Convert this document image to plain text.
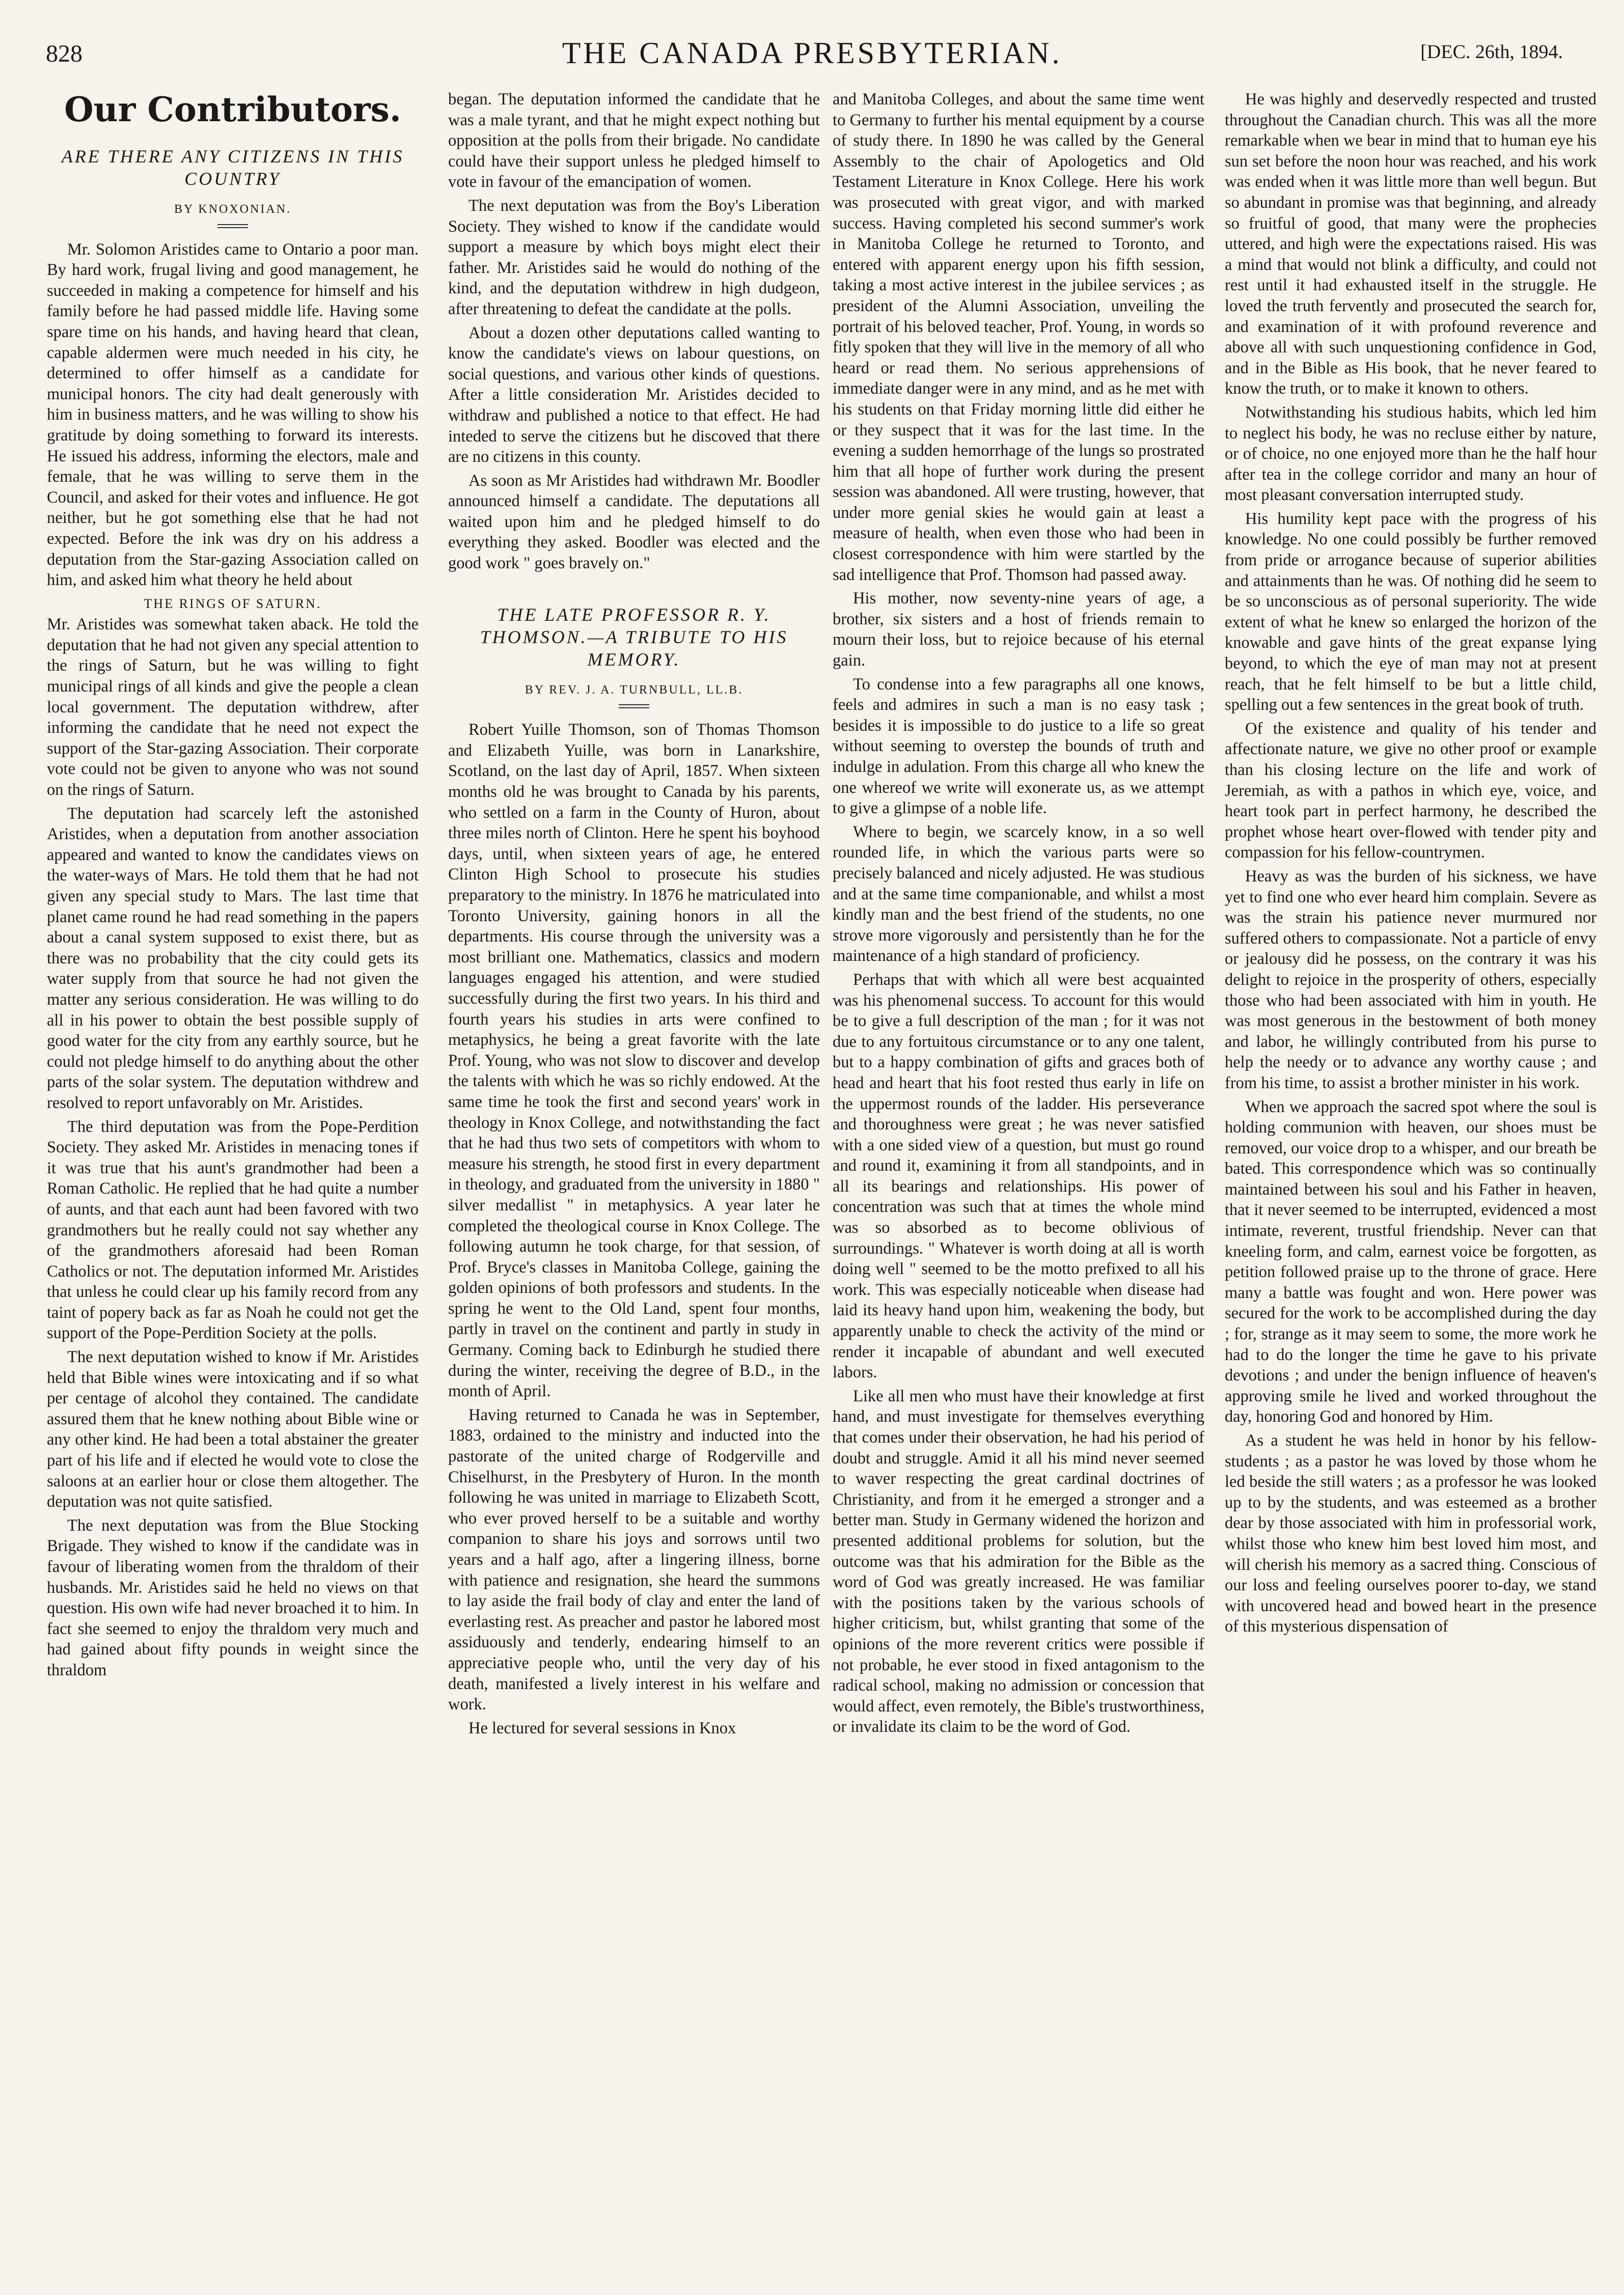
828	THE CANADA PRESBYTERIAN.	[DEC. 26th, 1894.
Our Contributors.
ARE THERE ANY CITIZENS IN THIS COUNTRY
BY KNOXONIAN.

Mr. Solomon Aristides came to Ontario a poor man. By hard work, frugal living and good management, he succeeded in making a competence for himself and his family before he had passed middle life. Having some spare time on his hands, and having heard that clean, capable aldermen were much needed in his city, he determined to offer himself as a candidate for municipal honors. The city had dealt generously with him in business matters, and he was willing to show his gratitude by doing something to forward its interests. He issued his address, informing the electors, male and female, that he was willing to serve them in the Council, and asked for their votes and influence. He got neither, but he got something else that he had not expected. Before the ink was dry on his address a deputation from the Star-gazing Association called on him, and asked him what theory he held about

THE RINGS OF SATURN.

Mr. Aristides was somewhat taken aback. He told the deputation that he had not given any special attention to the rings of Saturn, but he was willing to fight municipal rings of all kinds and give the people a clean local government. The deputation withdrew, after informing the candidate that he need not expect the support of the Star-gazing Association. Their corporate vote could not be given to anyone who was not sound on the rings of Saturn.

The deputation had scarcely left the astonished Aristides, when a deputation from another association appeared and wanted to know the candidates views on the water-ways of Mars. He told them that he had not given any special study to Mars. The last time that planet came round he had read something in the papers about a canal system supposed to exist there, but as there was no probability that the city could gets its water supply from that source he had not given the matter any serious consideration. He was willing to do all in his power to obtain the best possible supply of good water for the city from any earthly source, but he could not pledge himself to do anything about the other parts of the solar system. The deputation withdrew and resolved to report unfavorably on Mr. Aristides.

The third deputation was from the Pope-Perdition Society. They asked Mr. Aristides in menacing tones if it was true that his aunt's grandmother had been a Roman Catholic. He replied that he had quite a number of aunts, and that each aunt had been favored with two grandmothers but he really could not say whether any of the grandmothers aforesaid had been Roman Catholics or not. The deputation informed Mr. Aristides that unless he could clear up his family record from any taint of popery back as far as Noah he could not get the support of the Pope-Perdition Society at the polls.

The next deputation wished to know if Mr. Aristides held that Bible wines were intoxicating and if so what per centage of alcohol they contained. The candidate assured them that he knew nothing about Bible wine or any other kind. He had been a total abstainer the greater part of his life and if elected he would vote to close the saloons at an earlier hour or close them altogether. The deputation was not quite satisfied.

The next deputation was from the Blue Stocking Brigade. They wished to know if the candidate was in favour of liberating women from the thraldom of their husbands. Mr. Aristides said he held no views on that question. His own wife had never broached it to him. In fact she seemed to enjoy the thraldom very much and had gained about fifty pounds in weight since the thraldom

began. The deputation informed the candidate that he was a male tyrant, and that he might expect nothing but opposition at the polls from their brigade. No candidate could have their support unless he pledged himself to vote in favour of the emancipation of women.

The next deputation was from the Boy's Liberation Society. They wished to know if the candidate would support a measure by which boys might elect their father. Mr. Aristides said he would do nothing of the kind, and the deputation withdrew in high dudgeon, after threatening to defeat the candidate at the polls.

About a dozen other deputations called wanting to know the candidate's views on labour questions, on social questions, and various other kinds of questions. After a little consideration Mr. Aristides decided to withdraw and published a notice to that effect. He had inteded to serve the citizens but he discoved that there are no citizens in this county.

As soon as Mr Aristides had withdrawn Mr. Boodler announced himself a candidate. The deputations all waited upon him and he pledged himself to do everything they asked. Boodler was elected and the good work " goes bravely on."

THE LATE PROFESSOR R. Y. THOMSON.—A TRIBUTE TO HIS MEMORY.
BY REV. J. A. TURNBULL, LL.B.

Robert Yuille Thomson, son of Thomas Thomson and Elizabeth Yuille, was born in Lanarkshire, Scotland, on the last day of April, 1857. When sixteen months old he was brought to Canada by his parents, who settled on a farm in the County of Huron, about three miles north of Clinton. Here he spent his boyhood days, until, when sixteen years of age, he entered Clinton High School to prosecute his studies preparatory to the ministry. In 1876 he matriculated into Toronto University, gaining honors in all the departments. His course through the university was a most brilliant one. Mathematics, classics and modern languages engaged his attention, and were studied successfully during the first two years. In his third and fourth years his studies in arts were confined to metaphysics, he being a great favorite with the late Prof. Young, who was not slow to discover and develop the talents with which he was so richly endowed. At the same time he took the first and second years' work in theology in Knox College, and notwithstanding the fact that he had thus two sets of competitors with whom to measure his strength, he stood first in every department in theology, and graduated from the university in 1880 " silver medallist " in metaphysics. A year later he completed the theological course in Knox College. The following autumn he took charge, for that session, of Prof. Bryce's classes in Manitoba College, gaining the golden opinions of both professors and students. In the spring he went to the Old Land, spent four months, partly in travel on the continent and partly in study in Germany. Coming back to Edinburgh he studied there during the winter, receiving the degree of B.D., in the month of April.

Having returned to Canada he was in September, 1883, ordained to the ministry and inducted into the pastorate of the united charge of Rodgerville and Chiselhurst, in the Presbytery of Huron. In the month following he was united in marriage to Elizabeth Scott, who ever proved herself to be a suitable and worthy companion to share his joys and sorrows until two years and a half ago, after a lingering illness, borne with patience and resignation, she heard the summons to lay aside the frail body of clay and enter the land of everlasting rest. As preacher and pastor he labored most assiduously and tenderly, endearing himself to an appreciative people who, until the very day of his death, manifested a lively interest in his welfare and work.

He lectured for several sessions in Knox

and Manitoba Colleges, and about the same time went to Germany to further his mental equipment by a course of study there. In 1890 he was called by the General Assembly to the chair of Apologetics and Old Testament Literature in Knox College. Here his work was prosecuted with great vigor, and with marked success. Having completed his second summer's work in Manitoba College he returned to Toronto, and entered with apparent energy upon his fifth session, taking a most active interest in the jubilee services ; as president of the Alumni Association, unveiling the portrait of his beloved teacher, Prof. Young, in words so fitly spoken that they will live in the memory of all who heard or read them. No serious apprehensions of immediate danger were in any mind, and as he met with his students on that Friday morning little did either he or they suspect that it was for the last time. In the evening a sudden hemorrhage of the lungs so prostrated him that all hope of further work during the present session was abandoned. All were trusting, however, that under more genial skies he would gain at least a measure of health, when even those who had been in closest correspondence with him were startled by the sad intelligence that Prof. Thomson had passed away.

His mother, now seventy-nine years of age, a brother, six sisters and a host of friends remain to mourn their loss, but to rejoice because of his eternal gain.

To condense into a few paragraphs all one knows, feels and admires in such a man is no easy task ; besides it is impossible to do justice to a life so great without seeming to overstep the bounds of truth and indulge in adulation. From this charge all who knew the one whereof we write will exonerate us, as we attempt to give a glimpse of a noble life.

Where to begin, we scarcely know, in a so well rounded life, in which the various parts were so precisely balanced and nicely adjusted. He was studious and at the same time companionable, and whilst a most kindly man and the best friend of the students, no one strove more vigorously and persistently than he for the maintenance of a high standard of proficiency.

Perhaps that with which all were best acquainted was his phenomenal success. To account for this would be to give a full description of the man ; for it was not due to any fortuitous circumstance or to any one talent, but to a happy combination of gifts and graces both of head and heart that his foot rested thus early in life on the uppermost rounds of the ladder. His perseverance and thoroughness were great ; he was never satisfied with a one sided view of a question, but must go round and round it, examining it from all standpoints, and in all its bearings and relationships. His power of concentration was such that at times the whole mind was so absorbed as to become oblivious of surroundings. " Whatever is worth doing at all is worth doing well " seemed to be the motto prefixed to all his work. This was especially noticeable when disease had laid its heavy hand upon him, weakening the body, but apparently unable to check the activity of the mind or render it incapable of abundant and well executed labors.

Like all men who must have their knowledge at first hand, and must investigate for themselves everything that comes under their observation, he had his period of doubt and struggle. Amid it all his mind never seemed to waver respecting the great cardinal doctrines of Christianity, and from it he emerged a stronger and a better man. Study in Germany widened the horizon and presented additional problems for solution, but the outcome was that his admiration for the Bible as the word of God was greatly increased. He was familiar with the positions taken by the various schools of higher criticism, but, whilst granting that some of the opinions of the more reverent critics were possible if not probable, he ever stood in fixed antagonism to the radical school, making no admission or concession that would affect, even remotely, the Bible's trustworthiness, or invalidate its claim to be the word of God.

He was highly and deservedly respected and trusted throughout the Canadian church. This was all the more remarkable when we bear in mind that to human eye his sun set before the noon hour was reached, and his work was ended when it was little more than well begun. But so abundant in promise was that beginning, and already so fruitful of good, that many were the prophecies uttered, and high were the expectations raised. His was a mind that would not blink a difficulty, and could not rest until it had exhausted itself in the struggle. He loved the truth fervently and prosecuted the search for, and examination of it with profound reverence and above all with such unquestioning confidence in God, and in the Bible as His book, that he never feared to know the truth, or to make it known to others.

Notwithstanding his studious habits, which led him to neglect his body, he was no recluse either by nature, or of choice, no one enjoyed more than he the half hour after tea in the college corridor and many an hour of most pleasant conversation interrupted study.

His humility kept pace with the progress of his knowledge. No one could possibly be further removed from pride or arrogance because of superior abilities and attainments than he was. Of nothing did he seem to be so unconscious as of personal superiority. The wide extent of what he knew so enlarged the horizon of the knowable and gave hints of the great expanse lying beyond, to which the eye of man may not at present reach, that he felt himself to be but a little child, spelling out a few sentences in the great book of truth.

Of the existence and quality of his tender and affectionate nature, we give no other proof or example than his closing lecture on the life and work of Jeremiah, as with a pathos in which eye, voice, and heart took part in perfect harmony, he described the prophet whose heart over-flowed with tender pity and compassion for his fellow-countrymen.

Heavy as was the burden of his sickness, we have yet to find one who ever heard him complain. Severe as was the strain his patience never murmured nor suffered others to compassionate. Not a particle of envy or jealousy did he possess, on the contrary it was his delight to rejoice in the prosperity of others, especially those who had been associated with him in youth. He was most generous in the bestowment of both money and labor, he willingly contributed from his purse to help the needy or to advance any worthy cause ; and from his time, to assist a brother minister in his work.

When we approach the sacred spot where the soul is holding communion with heaven, our shoes must be removed, our voice drop to a whisper, and our breath be bated. This correspondence which was so continually maintained between his soul and his Father in heaven, that it never seemed to be interrupted, evidenced a most intimate, reverent, trustful friendship. Never can that kneeling form, and calm, earnest voice be forgotten, as petition followed praise up to the throne of grace. Here many a battle was fought and won. Here power was secured for the work to be accomplished during the day ; for, strange as it may seem to some, the more work he had to do the longer the time he gave to his private devotions ; and under the benign influence of heaven's approving smile he lived and worked throughout the day, honoring God and honored by Him.

As a student he was held in honor by his fellow-students ; as a pastor he was loved by those whom he led beside the still waters ; as a professor he was looked up to by the students, and was esteemed as a brother dear by those associated with him in professorial work, whilst those who knew him best loved him most, and will cherish his memory as a sacred thing. Conscious of our loss and feeling ourselves poorer to-day, we stand with uncovered head and bowed heart in the presence of this mysterious dispensation of
